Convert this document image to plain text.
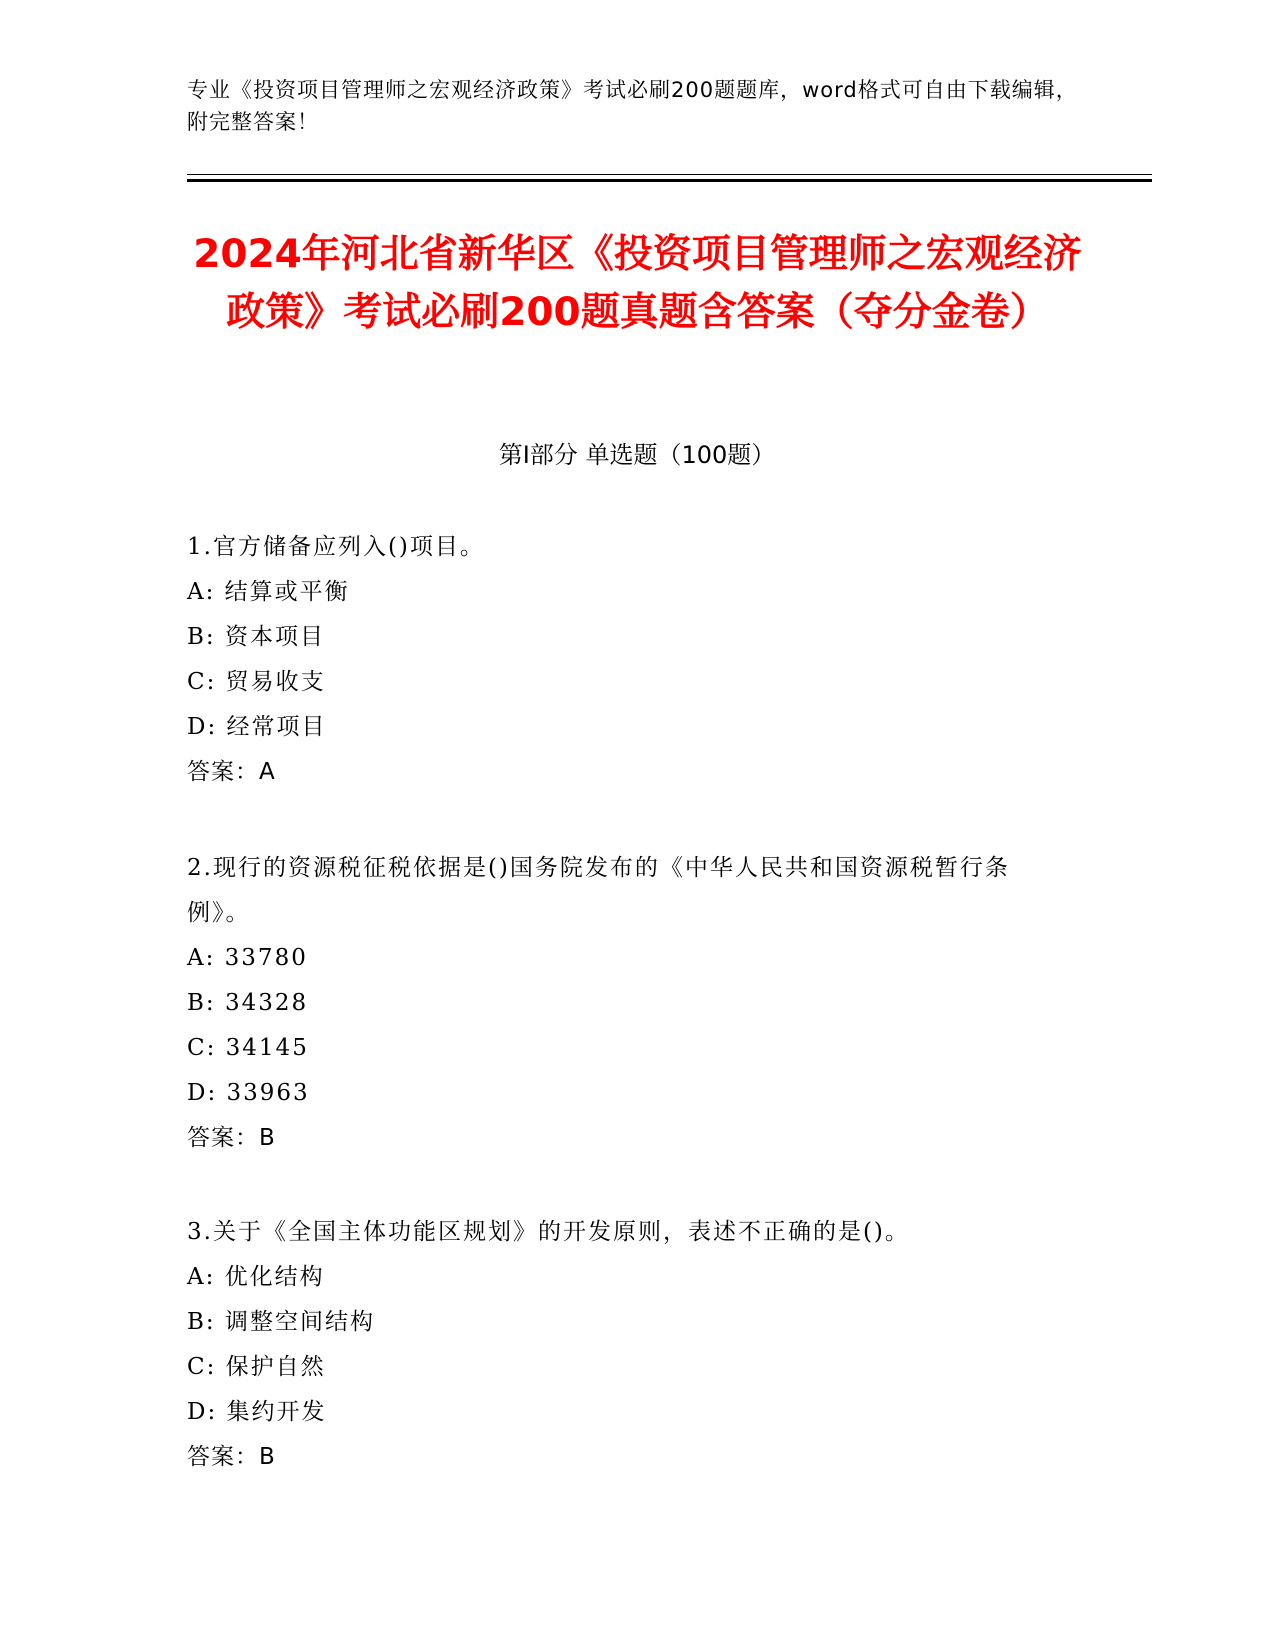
专业《投资项目管理师之宏观经济政策》考试必刷200题题库，word格式可自由下载编辑，附完整答案！
2024年河北省新华区《投资项目管理师之宏观经济政策》考试必刷200题真题含答案（夺分金卷）
第I部分 单选题（100题）
1.官方储备应列入()项目。
A: 结算或平衡
B: 资本项目
C: 贸易收支
D: 经常项目
答案：A
2.现行的资源税征税依据是()国务院发布的《中华人民共和国资源税暂行条例》。
A: 33780
B: 34328
C: 34145
D: 33963
答案：B
3.关于《全国主体功能区规划》的开发原则，表述不正确的是()。
A: 优化结构
B: 调整空间结构
C: 保护自然
D: 集约开发
答案：B
